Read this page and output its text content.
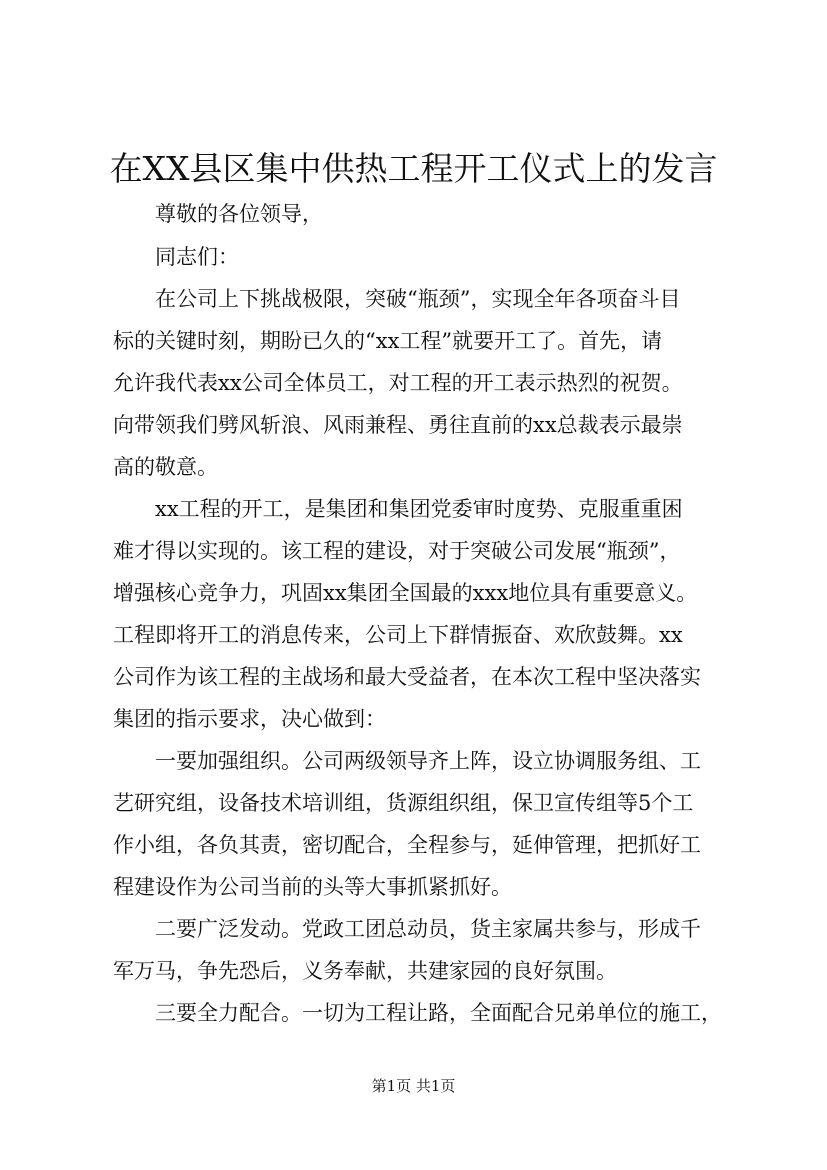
在XX县区集中供热工程开工仪式上的发言
尊敬的各位领导，
同志们：
在公司上下挑战极限，突破“瓶颈”，实现全年各项奋斗目
标的关键时刻，期盼已久的“xx工程”就要开工了。首先，请
允许我代表xx公司全体员工，对工程的开工表示热烈的祝贺。
向带领我们劈风斩浪、风雨兼程、勇往直前的xx总裁表示最崇
高的敬意。
xx工程的开工，是集团和集团党委审时度势、克服重重困
难才得以实现的。该工程的建设，对于突破公司发展“瓶颈”，
增强核心竞争力，巩固xx集团全国最的xxx地位具有重要意义。
工程即将开工的消息传来，公司上下群情振奋、欢欣鼓舞。xx
公司作为该工程的主战场和最大受益者，在本次工程中坚决落实
集团的指示要求，决心做到：
一要加强组织。公司两级领导齐上阵，设立协调服务组、工
艺研究组，设备技术培训组，货源组织组，保卫宣传组等5个工
作小组，各负其责，密切配合，全程参与，延伸管理，把抓好工
程建设作为公司当前的头等大事抓紧抓好。
二要广泛发动。党政工团总动员，货主家属共参与，形成千
军万马，争先恐后，义务奉献，共建家园的良好氛围。
三要全力配合。一切为工程让路，全面配合兄弟单位的施工，
第1页 共1页
